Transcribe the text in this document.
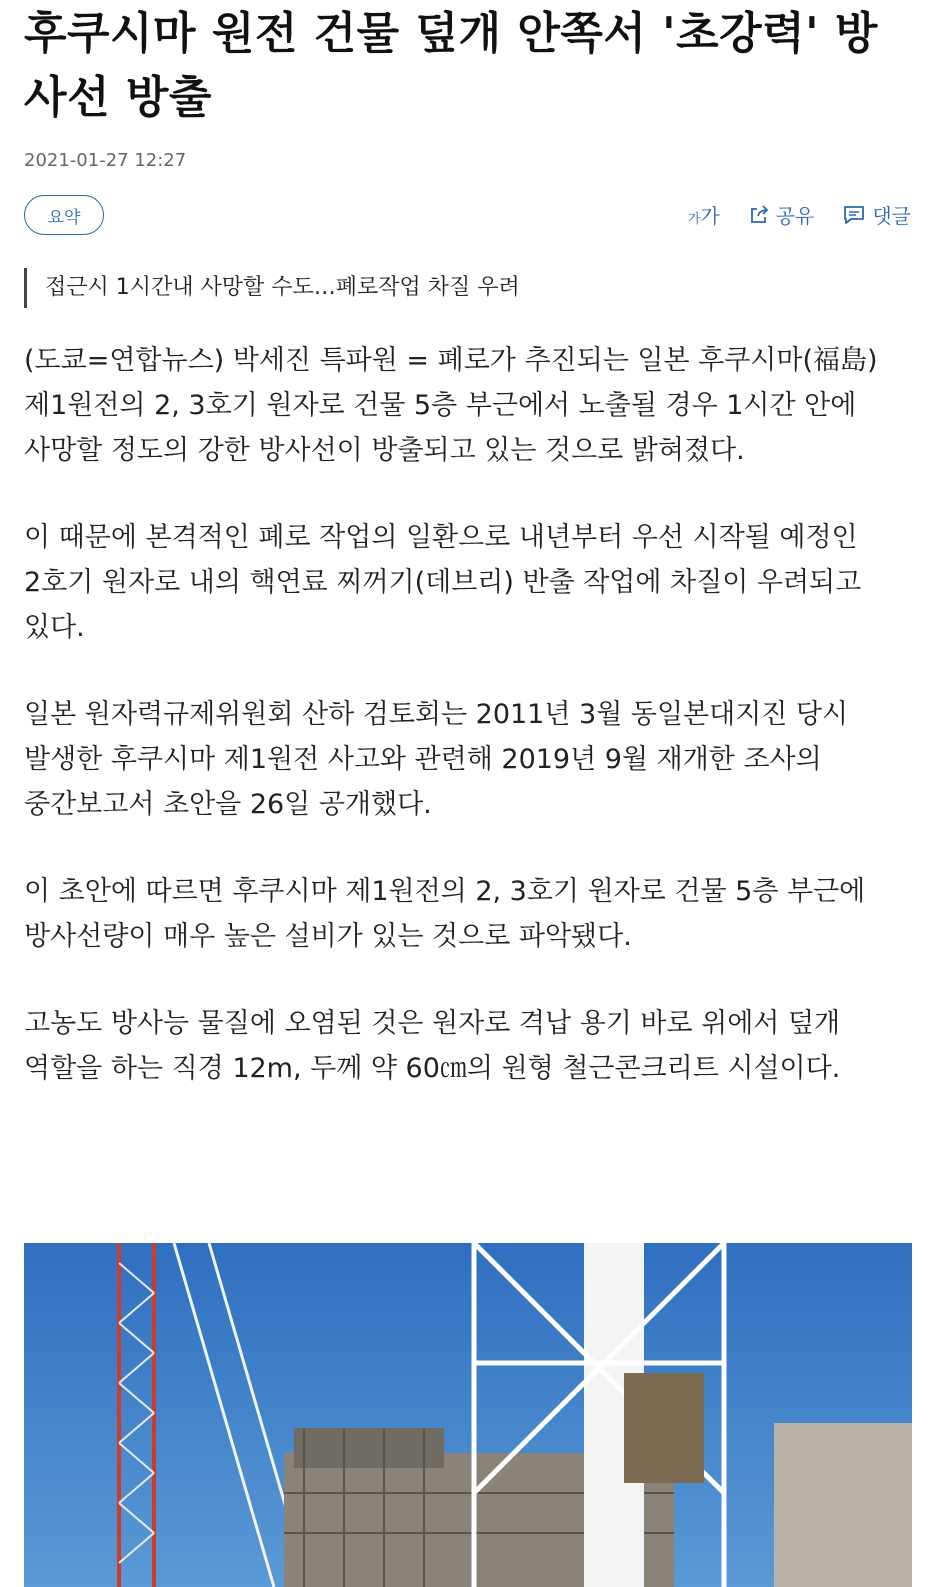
후쿠시마 원전 건물 덮개 안쪽서 '초강력' 방사선 방출
2021-01-27 12:27
요약	가가	공유	댓글
접근시 1시간내 사망할 수도…폐로작업 차질 우려

(도쿄=연합뉴스) 박세진 특파원 = 폐로가 추진되는 일본 후쿠시마(福島) 제1원전의 2, 3호기 원자로 건물 5층 부근에서 노출될 경우 1시간 안에 사망할 정도의 강한 방사선이 방출되고 있는 것으로 밝혀졌다.

이 때문에 본격적인 폐로 작업의 일환으로 내년부터 우선 시작될 예정인 2호기 원자로 내의 핵연료 찌꺼기(데브리) 반출 작업에 차질이 우려되고 있다.

일본 원자력규제위원회 산하 검토회는 2011년 3월 동일본대지진 당시 발생한 후쿠시마 제1원전 사고와 관련해 2019년 9월 재개한 조사의 중간보고서 초안을 26일 공개했다.

이 초안에 따르면 후쿠시마 제1원전의 2, 3호기 원자로 건물 5층 부근에 방사선량이 매우 높은 설비가 있는 것으로 파악됐다.

고농도 방사능 물질에 오염된 것은 원자로 격납 용기 바로 위에서 덮개 역할을 하는 직경 12m, 두께 약 60㎝의 원형 철근콘크리트 시설이다.
